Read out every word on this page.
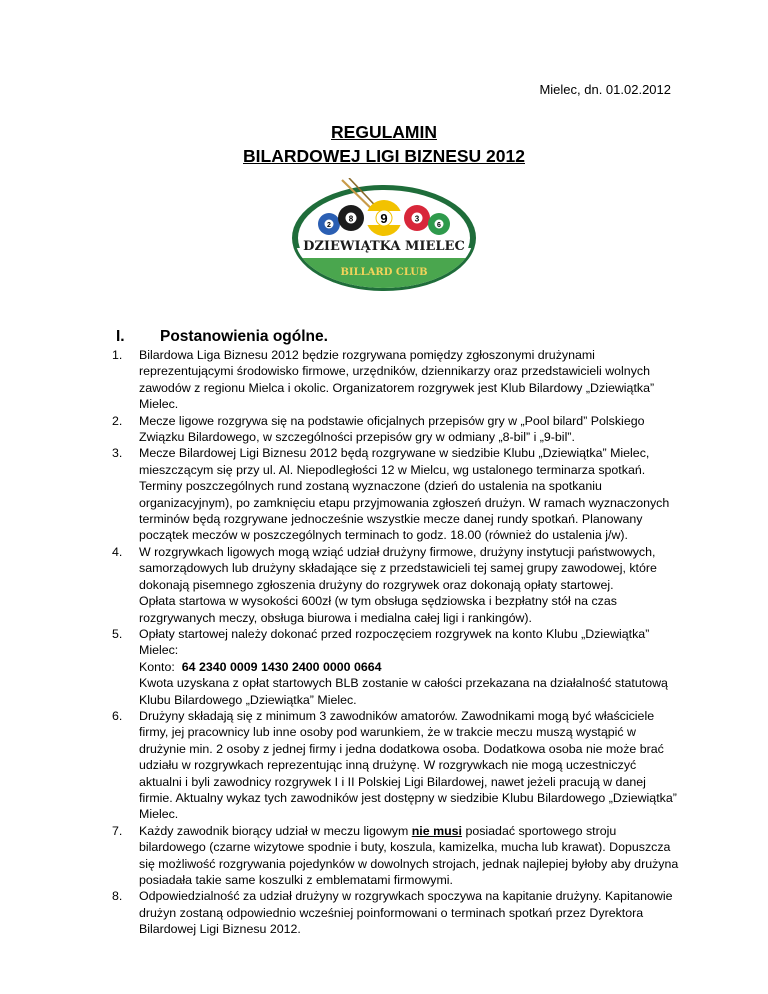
Mielec, dn. 01.02.2012
REGULAMIN
BILARDOWEJ LIGI BIZNESU 2012
2
8 9	3
6
DZIEWIĄTKA MIELEC
BILLARD CLUB
I. Postanowienia ogólne.
1. Bilardowa Liga Biznesu 2012 będzie rozgrywana pomiędzy zgłoszonymi drużynami reprezentującymi środowisko firmowe, urzędników, dziennikarzy oraz przedstawicieli wolnych zawodów z regionu Mielca i okolic. Organizatorem rozgrywek jest Klub Bilardowy „Dziewiątka” Mielec.

2. Mecze ligowe rozgrywa się na podstawie oficjalnych przepisów gry w „Pool bilard” Polskiego Związku Bilardowego, w szczególności przepisów gry w odmiany „8-bil” i „9-bil”.

3. Mecze Bilardowej Ligi Biznesu 2012 będą rozgrywane w siedzibie Klubu „Dziewiątka” Mielec, mieszczącym się przy ul. Al. Niepodległości 12 w Mielcu, wg ustalonego terminarza spotkań. Terminy poszczególnych rund zostaną wyznaczone (dzień do ustalenia na spotkaniu organizacyjnym), po zamknięciu etapu przyjmowania zgłoszeń drużyn. W ramach wyznaczonych terminów będą rozgrywane jednocześnie wszystkie mecze danej rundy spotkań. Planowany początek meczów w poszczególnych terminach to godz. 18.00 (również do ustalenia j/w).

4. W rozgrywkach ligowych mogą wziąć udział drużyny firmowe, drużyny instytucji państwowych, samorządowych lub drużyny składające się z przedstawicieli tej samej grupy zawodowej, które dokonają pisemnego zgłoszenia drużyny do rozgrywek oraz dokonają opłaty startowej.

Opłata startowa w wysokości 600zł (w tym obsługa sędziowska i bezpłatny stół na czas rozgrywanych meczy, obsługa biurowa i medialna całej ligi i rankingów).

5. Opłaty startowej należy dokonać przed rozpoczęciem rozgrywek na konto Klubu „Dziewiątka” Mielec:

Konto: 64 2340 0009 1430 2400 0000 0664

Kwota uzyskana z opłat startowych BLB zostanie w całości przekazana na działalność statutową Klubu Bilardowego „Dziewiątka” Mielec.

6. Drużyny składają się z minimum 3 zawodników amatorów. Zawodnikami mogą być właściciele firmy, jej pracownicy lub inne osoby pod warunkiem, że w trakcie meczu muszą wystąpić w drużynie min. 2 osoby z jednej firmy i jedna dodatkowa osoba. Dodatkowa osoba nie może brać udziału w rozgrywkach reprezentując inną drużynę. W rozgrywkach nie mogą uczestniczyć aktualni i byli zawodnicy rozgrywek I i II Polskiej Ligi Bilardowej, nawet jeżeli pracują w danej firmie. Aktualny wykaz tych zawodników jest dostępny w siedzibie Klubu Bilardowego „Dziewiątka” Mielec.

7. Każdy zawodnik biorący udział w meczu ligowym nie musi posiadać sportowego stroju bilardowego (czarne wizytowe spodnie i buty, koszula, kamizelka, mucha lub krawat). Dopuszcza się możliwość rozgrywania pojedynków w dowolnych strojach, jednak najlepiej byłoby aby drużyna posiadała takie same koszulki z emblematami firmowymi.

8. Odpowiedzialność za udział drużyny w rozgrywkach spoczywa na kapitanie drużyny. Kapitanowie drużyn zostaną odpowiednio wcześniej poinformowani o terminach spotkań przez Dyrektora Bilardowej Ligi Biznesu 2012.
